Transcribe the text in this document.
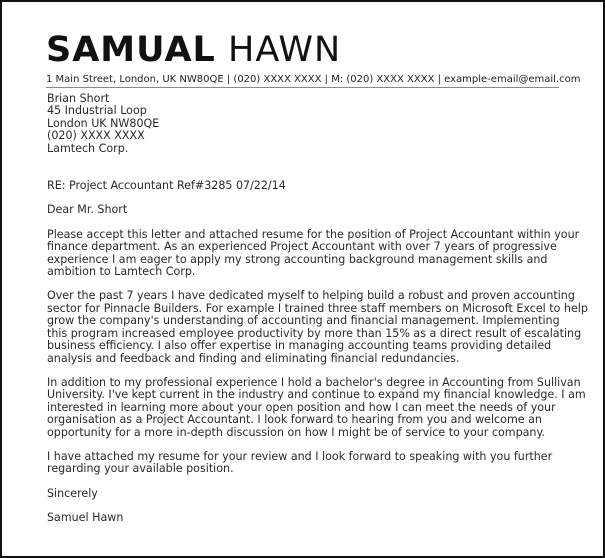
SAMUAL HAWN
1 Main Street, London, UK NW80QE | (020) XXXX XXXX | M: (020) XXXX XXXX | example-email@email.com
Brian Short
45 Industrial Loop
London UK NW80QE
(020) XXXX XXXX
Lamtech Corp.
RE: Project Accountant Ref#3285 07/22/14
Dear Mr. Short
Please accept this letter and attached resume for the position of Project Accountant within your
finance department. As an experienced Project Accountant with over 7 years of progressive
experience I am eager to apply my strong accounting background management skills and
ambition to Lamtech Corp.
Over the past 7 years I have dedicated myself to helping build a robust and proven accounting
sector for Pinnacle Builders. For example I trained three staff members on Microsoft Excel to help
grow the company's understanding of accounting and financial management. Implementing
this program increased employee productivity by more than 15% as a direct result of escalating
business efficiency. I also offer expertise in managing accounting teams providing detailed
analysis and feedback and finding and eliminating financial redundancies.
In addition to my professional experience I hold a bachelor's degree in Accounting from Sullivan
University. I've kept current in the industry and continue to expand my financial knowledge. I am
interested in learning more about your open position and how I can meet the needs of your
organisation as a Project Accountant. I look forward to hearing from you and welcome an
opportunity for a more in-depth discussion on how I might be of service to your company.
I have attached my resume for your review and I look forward to speaking with you further
regarding your available position.
Sincerely
Samuel Hawn
